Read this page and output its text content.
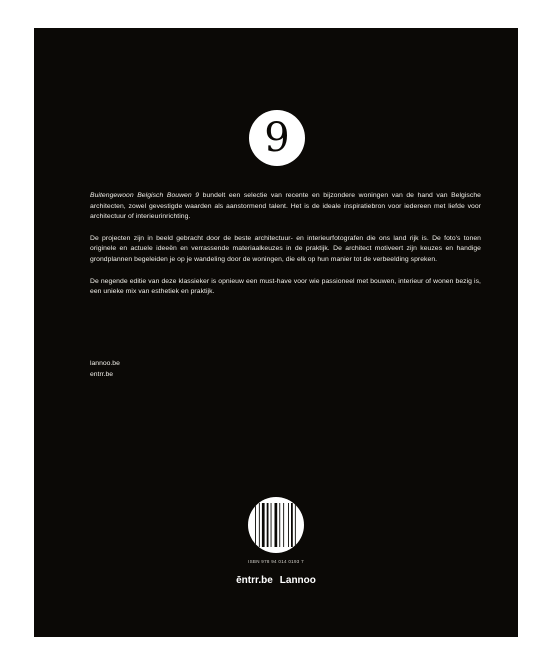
9

Buitengewoon Belgisch Bouwen 9 bundelt een selectie van recente en bijzondere woningen van de hand van Belgische architecten, zowel gevestigde waarden als aanstormend talent. Het is de ideale inspiratiebron voor iedereen met liefde voor architectuur of interieurinrichting.

De projecten zijn in beeld gebracht door de beste architectuur- en interieurfotografen die ons land rijk is. De foto's tonen originele en actuele ideeën en verrassende materiaalkeuzes in de praktijk. De architect motiveert zijn keuzes en handige grondplannen begeleiden je op je wandeling door de woningen, die elk op hun manier tot de verbeelding spreken.

De negende editie van deze klassieker is opnieuw een must-have voor wie passioneel met bouwen, interieur of wonen bezig is, een unieke mix van esthetiek en praktijk.

lannoo.be
entrr.be
ISBN 978 94 014 0193 7
ēntrr.be Lannoo
